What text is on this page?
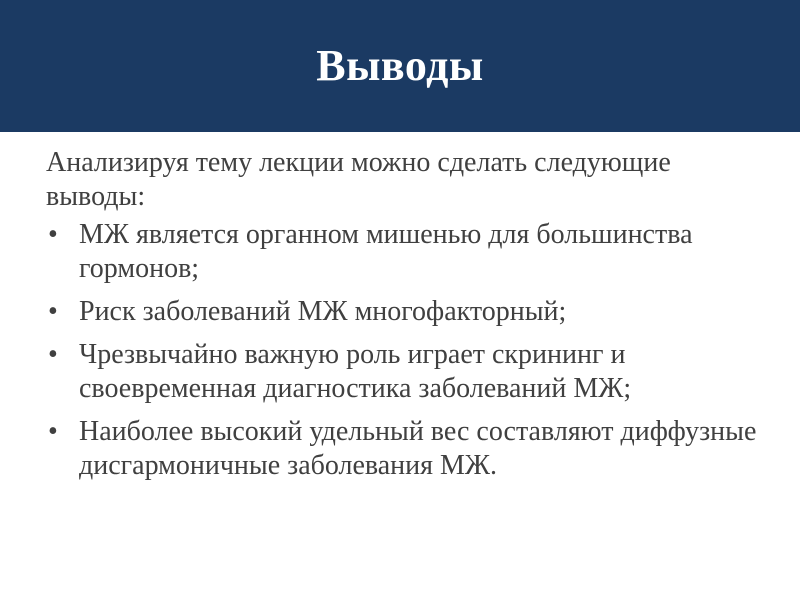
Выводы

Анализируя тему лекции можно сделать следующие выводы:

• МЖ является органном мишенью для большинства гормонов;
• Риск заболеваний МЖ многофакторный;
• Чрезвычайно важную роль играет скрининг и своевременная диагностика заболеваний МЖ;
• Наиболее высокий удельный вес составляют диффузные дисгармоничные заболевания МЖ.
